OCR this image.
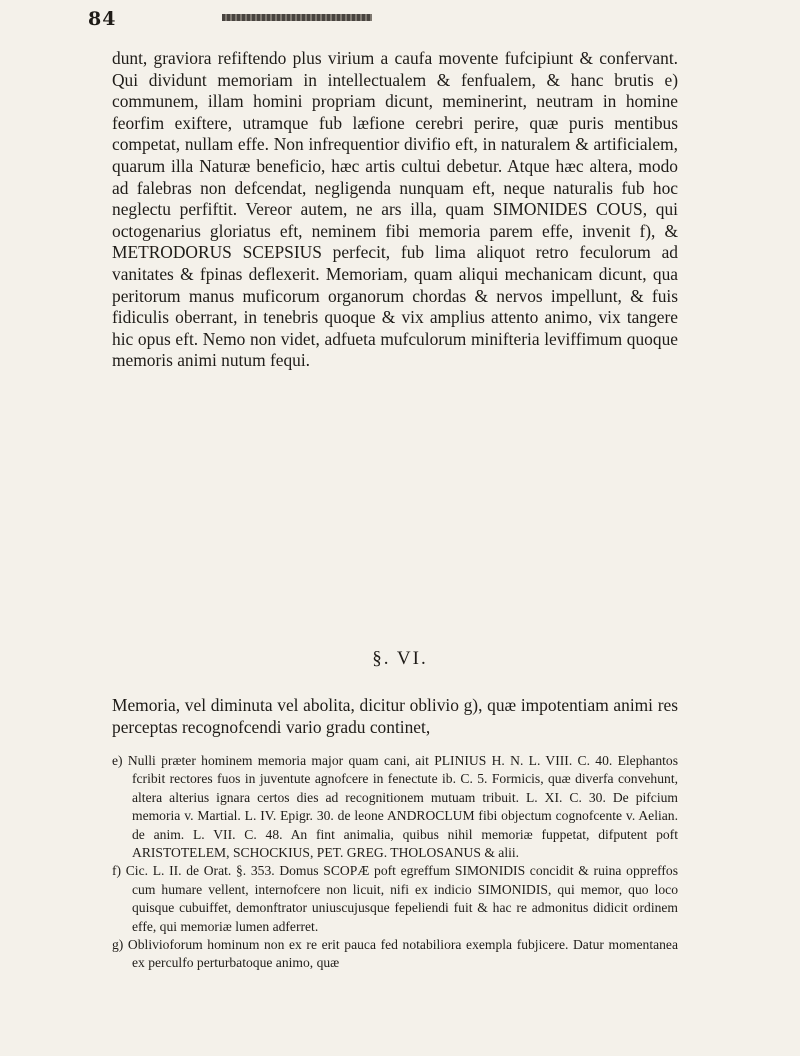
84

dunt, graviora refiftendo plus virium a caufa movente fufcipiunt & confervant. Qui dividunt memoriam in intellectualem & fenfualem, & hanc brutis e) communem, illam homini propriam dicunt, meminerint, neutram in homine feorfim exiftere, utramque fub læfione cerebri perire, quæ puris mentibus competat, nullam effe. Non infrequentior divifio eft, in naturalem & artificialem, quarum illa Naturæ beneficio, hæc artis cultui debetur. Atque hæc altera, modo ad falebras non defcendat, negligenda nunquam eft, neque naturalis fub hoc neglectu perfiftit. Vereor autem, ne ars illa, quam SIMONIDES COUS, qui octogenarius gloriatus eft, neminem fibi memoria parem effe, invenit f), & METRODORUS SCEPSIUS perfecit, fub lima aliquot retro feculorum ad vanitates & fpinas deflexerit. Memoriam, quam aliqui mechanicam dicunt, qua peritorum manus muficorum organorum chordas & nervos impellunt, & fuis fidiculis oberrant, in tenebris quoque & vix amplius attento animo, vix tangere hic opus eft. Nemo non videt, adfueta mufculorum minifteria leviffimum quoque memoris animi nutum fequi.

§. VI.

Memoria, vel diminuta vel abolita, dicitur oblivio g), quæ impotentiam animi res perceptas recognofcendi vario gradu continet,

e) Nulli præter hominem memoria major quam cani, ait PLINIUS H. N. L. VIII. C. 40. Elephantos fcribit rectores fuos in juventute agnofcere in fenectute ib. C. 5. Formicis, quæ diverfa convehunt, altera alterius ignara certos dies ad recognitionem mutuam tribuit. L. XI. C. 30. De pifcium memoria v. Martial. L. IV. Epigr. 30. de leone ANDROCLUM fibi objectum cognofcente v. Aelian. de anim. L. VII. C. 48. An fint animalia, quibus nihil memoriæ fuppetat, difputent poft ARISTOTELEM, SCHOCKIUS, PET. GREG. THOLOSANUS & alii.

f) Cic. L. II. de Orat. §. 353. Domus SCOPÆ poft egreffum SIMONIDIS concidit & ruina oppreffos cum humare vellent, internofcere non licuit, nifi ex indicio SIMONIDIS, qui memor, quo loco quisque cubuiffet, demonftrator uniuscujusque fepeliendi fuit & hac re admonitus didicit ordinem effe, qui memoriæ lumen adferret.

g) Oblivioforum hominum non ex re erit pauca fed notabiliora exempla fubjicere. Datur momentanea ex perculfo perturbatoque animo, quæ
